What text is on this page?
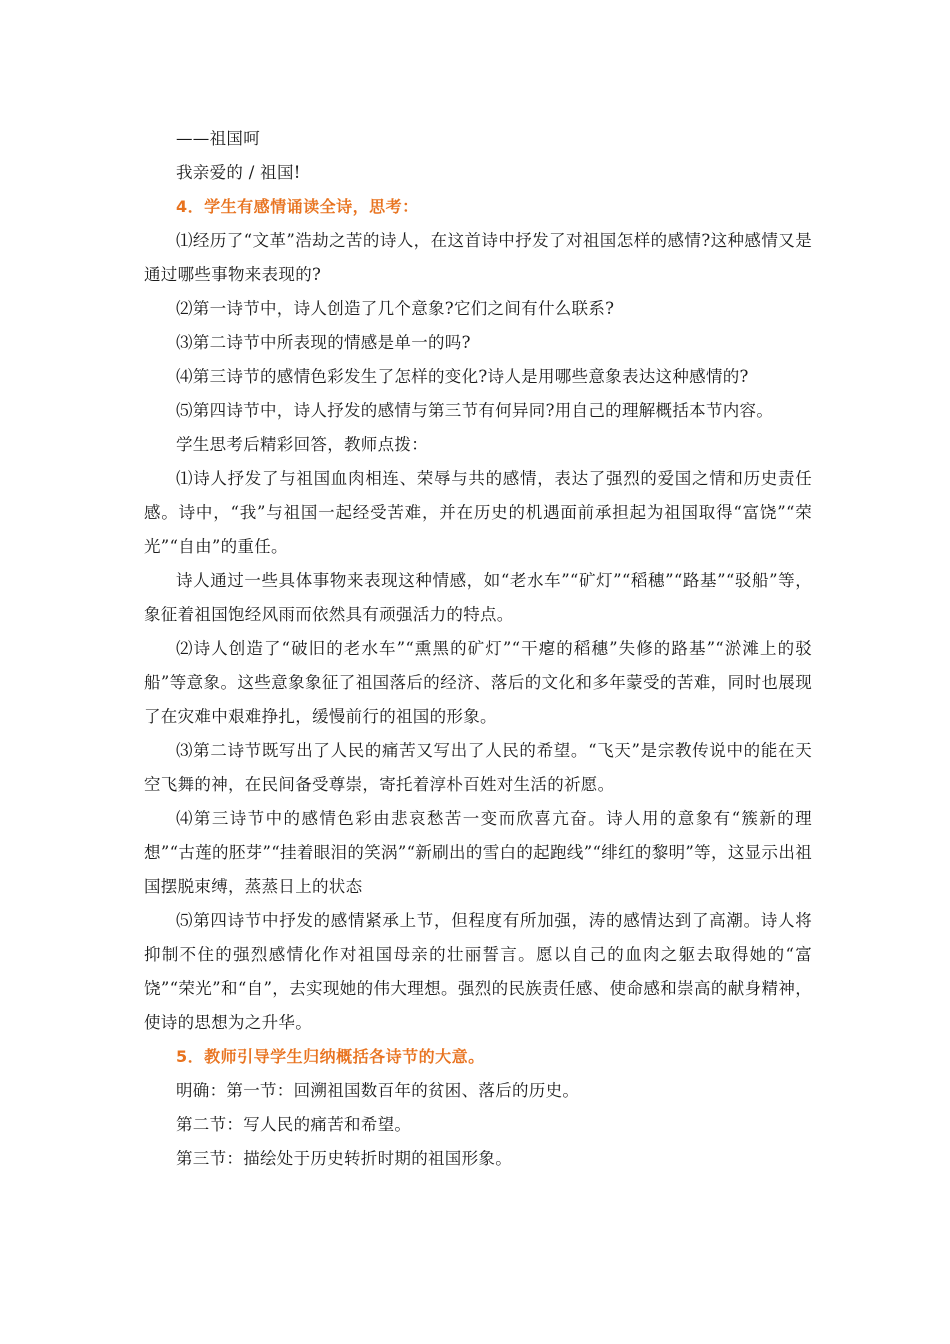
——祖国呵

我亲爱的 / 祖国!

4．学生有感情诵读全诗，思考：

⑴经历了“文革”浩劫之苦的诗人，在这首诗中抒发了对祖国怎样的感情?这种感情又是通过哪些事物来表现的?

⑵第一诗节中，诗人创造了几个意象?它们之间有什么联系?

⑶第二诗节中所表现的情感是单一的吗?

⑷第三诗节的感情色彩发生了怎样的变化?诗人是用哪些意象表达这种感情的?

⑸第四诗节中，诗人抒发的感情与第三节有何异同?用自己的理解概括本节内容。

学生思考后精彩回答，教师点拨：

⑴诗人抒发了与祖国血肉相连、荣辱与共的感情，表达了强烈的爱国之情和历史责任感。诗中，“我”与祖国一起经受苦难，并在历史的机遇面前承担起为祖国取得“富饶”“荣光”“自由”的重任。

诗人通过一些具体事物来表现这种情感，如“老水车”“矿灯”“稻穗”“路基”“驳船”等，象征着祖国饱经风雨而依然具有顽强活力的特点。

⑵诗人创造了“破旧的老水车”“熏黑的矿灯”“干瘪的稻穗”失修的路基”“淤滩上的驳船”等意象。这些意象象征了祖国落后的经济、落后的文化和多年蒙受的苦难，同时也展现了在灾难中艰难挣扎，缓慢前行的祖国的形象。

⑶第二诗节既写出了人民的痛苦又写出了人民的希望。“飞天”是宗教传说中的能在天空飞舞的神，在民间备受尊崇，寄托着淳朴百姓对生活的祈愿。

⑷第三诗节中的感情色彩由悲哀愁苦一变而欣喜亢奋。诗人用的意象有“簇新的理想”“古莲的胚芽”“挂着眼泪的笑涡”“新刷出的雪白的起跑线”“绯红的黎明”等，这显示出祖国摆脱束缚，蒸蒸日上的状态

⑸第四诗节中抒发的感情紧承上节，但程度有所加强，涛的感情达到了高潮。诗人将抑制不住的强烈感情化作对祖国母亲的壮丽誓言。愿以自己的血肉之躯去取得她的“富饶”“荣光”和“自”，去实现她的伟大理想。强烈的民族责任感、使命感和崇高的献身精神，使诗的思想为之升华。

5．教师引导学生归纳概括各诗节的大意。

明确：第一节：回溯祖国数百年的贫困、落后的历史。

第二节：写人民的痛苦和希望。

第三节：描绘处于历史转折时期的祖国形象。
